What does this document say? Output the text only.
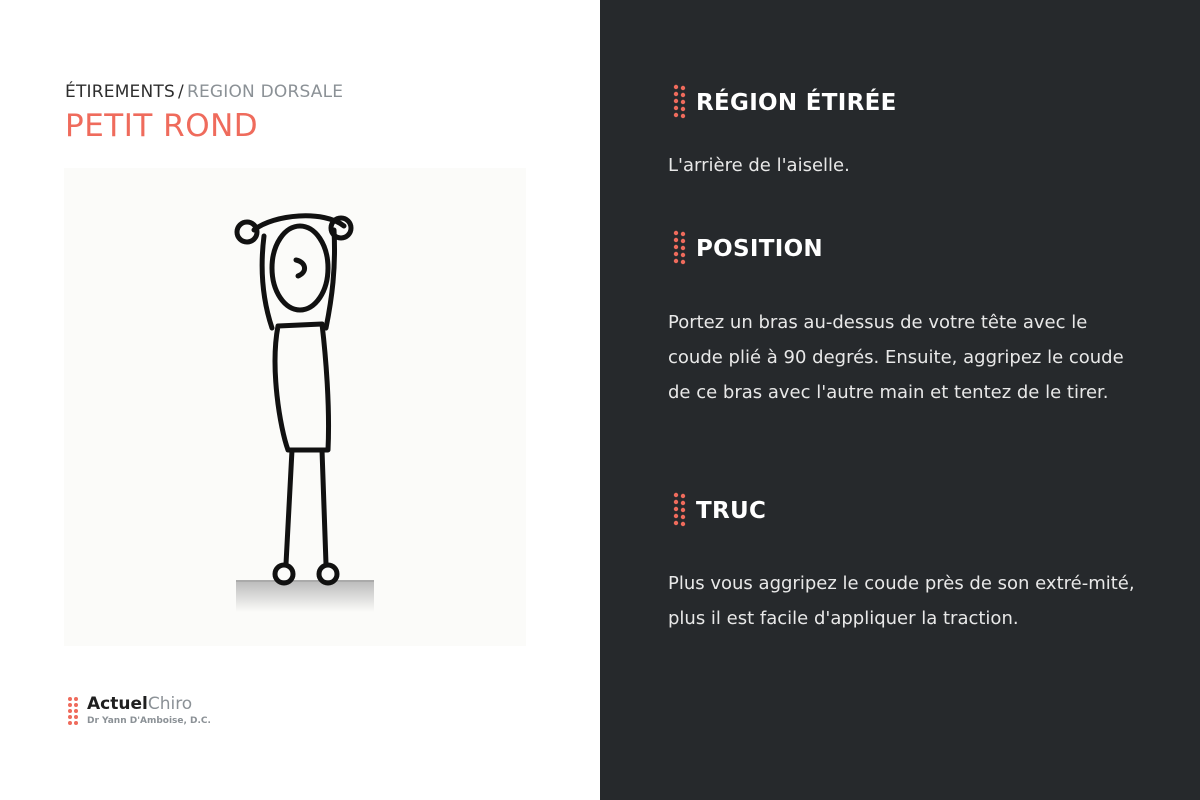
ÉTIREMENTS / REGION DORSALE
PETIT ROND
ActuelChiro
Dr Yann D'Amboise, D.C.
RÉGION ÉTIRÉE
L'arrière de l'aiselle.
POSITION
Portez un bras au-dessus de votre tête avec le coude plié à 90 degrés. Ensuite, aggripez le coude de ce bras avec l'autre main et tentez de le tirer.
TRUC
Plus vous aggripez le coude près de son extré-mité, plus il est facile d'appliquer la traction.
